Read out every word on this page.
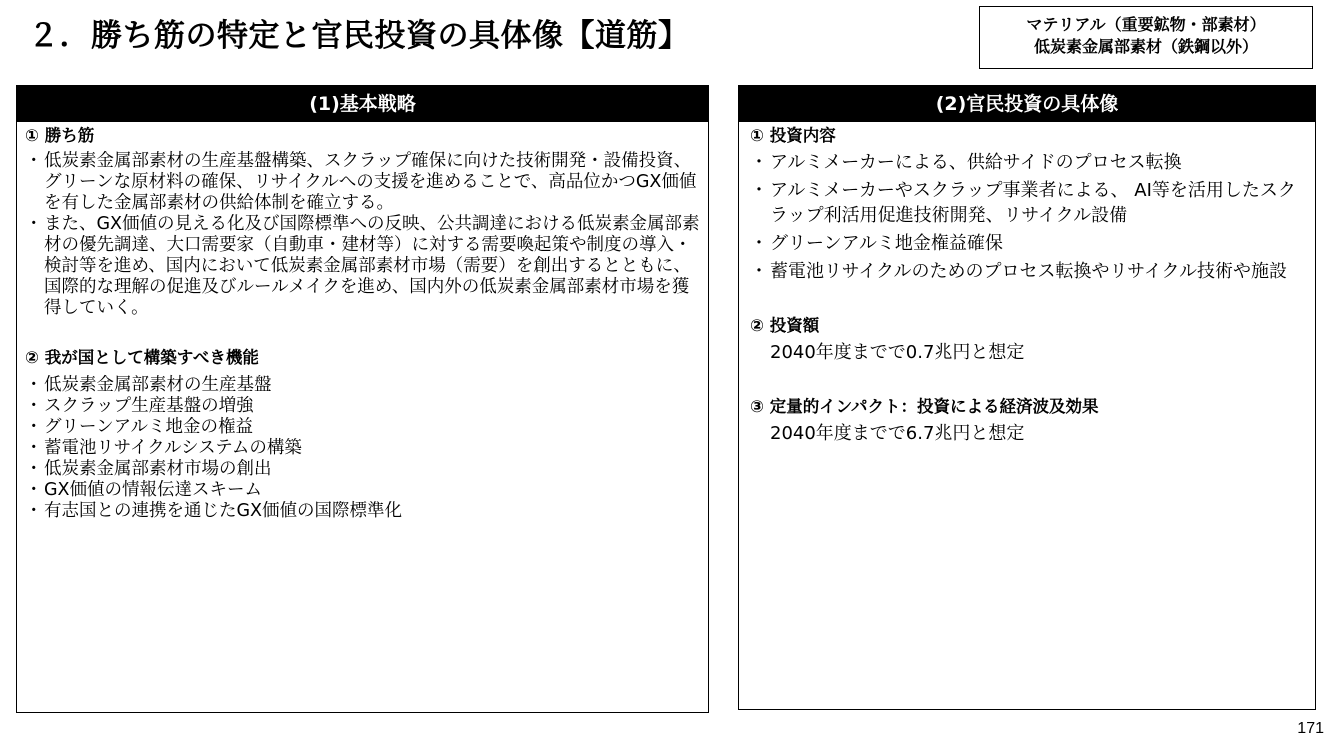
２．勝ち筋の特定と官民投資の具体像【道筋】	マテリアル（重要鉱物・部素材）
低炭素金属部素材（鉄鋼以外）
(1)基本戦略
① 勝ち筋
・低炭素金属部素材の生産基盤構築、スクラップ確保に向けた技術開発・設備投資、グリーンな原材料の確保、リサイクルへの支援を進めることで、高品位かつGX価値を有した金属部素材の供給体制を確立する。
・また、GX価値の見える化及び国際標準への反映、公共調達における低炭素金属部素材の優先調達、大口需要家（自動車・建材等）に対する需要喚起策や制度の導入・検討等を進め、国内において低炭素金属部素材市場（需要）を創出するとともに、国際的な理解の促進及びルールメイクを進め、国内外の低炭素金属部素材市場を獲得していく。
② 我が国として構築すべき機能
・低炭素金属部素材の生産基盤
・スクラップ生産基盤の増強
・グリーンアルミ地金の権益
・蓄電池リサイクルシステムの構築
・低炭素金属部素材市場の創出
・GX価値の情報伝達スキーム
・有志国との連携を通じたGX価値の国際標準化
(2)官民投資の具体像
① 投資内容
・ アルミメーカーによる、供給サイドのプロセス転換
・ アルミメーカーやスクラップ事業者による、 AI等を活用したスクラップ利活用促進技術開発、リサイクル設備
・ グリーンアルミ地金権益確保
・ 蓄電池リサイクルのためのプロセス転換やリサイクル技術や施設
② 投資額
2040年度までで0.7兆円と想定
③ 定量的インパクト：投資による経済波及効果
2040年度までで6.7兆円と想定
171
